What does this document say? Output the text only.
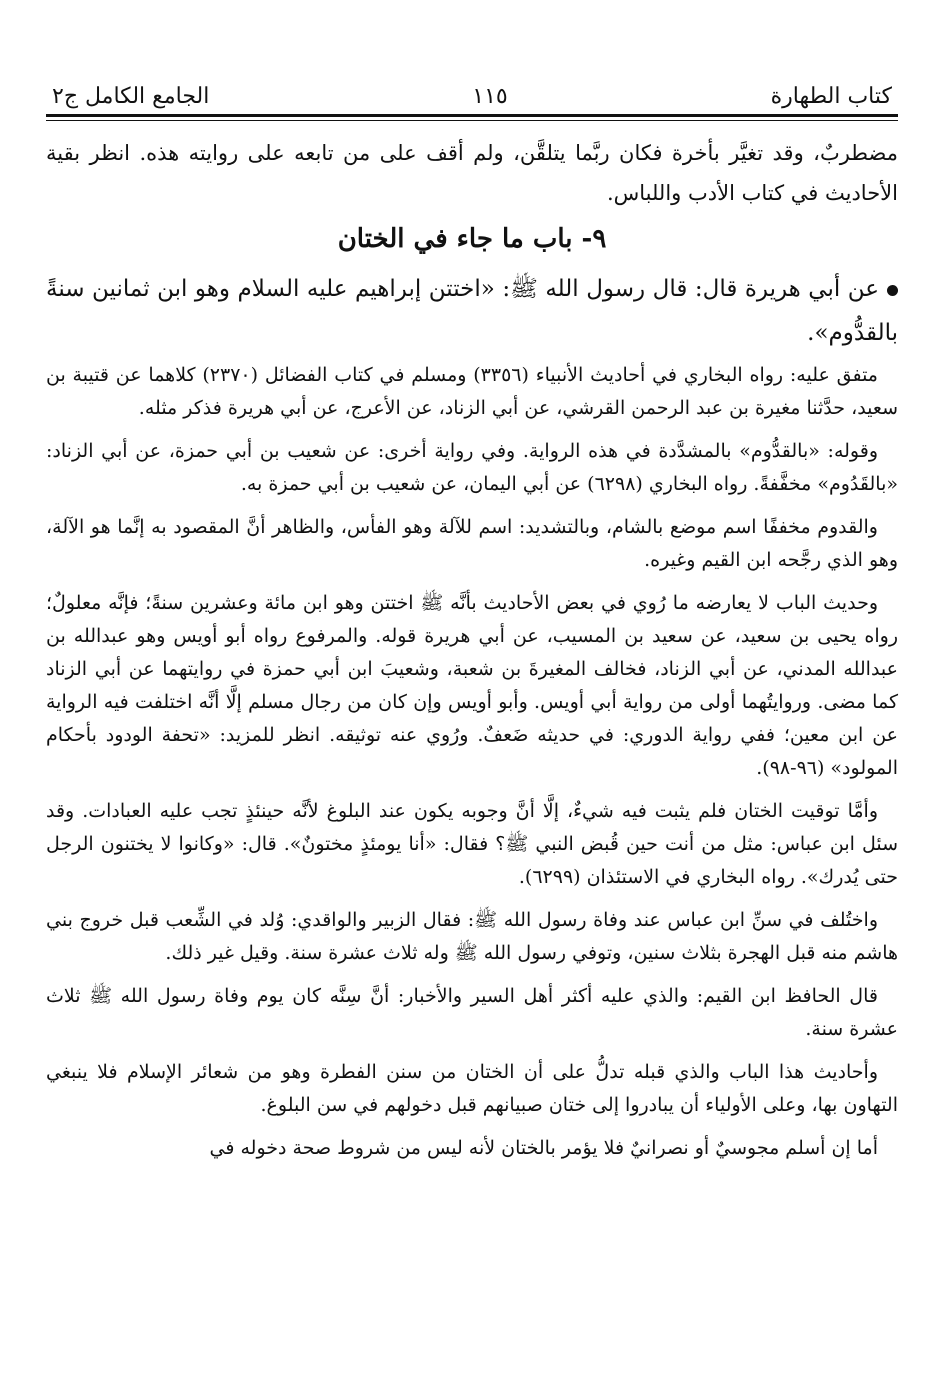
كتاب الطهارة
١١٥
الجامع الكامل ج٢

مضطربٌ، وقد تغيَّر بأخرة فكان ربَّما يتلقَّن، ولم أقف على من تابعه على روايته هذه. انظر بقية الأحاديث في كتاب الأدب واللباس.

٩- باب ما جاء في الختان

عن أبي هريرة قال: قال رسول الله ﷺ: «اختتن إبراهيم عليه السلام وهو ابن ثمانين سنةً بالقدُّوم».

متفق عليه: رواه البخاري في أحاديث الأنبياء (٣٣٥٦) ومسلم في كتاب الفضائل (٢٣٧٠) كلاهما عن قتيبة بن سعيد، حدَّثنا مغيرة بن عبد الرحمن القرشي، عن أبي الزناد، عن الأعرج، عن أبي هريرة فذكر مثله.

وقوله: «بالقدُّوم» بالمشدَّدة في هذه الرواية. وفي رواية أخرى: عن شعيب بن أبي حمزة، عن أبي الزناد: «بالقَدُوم» مخفَّفةً. رواه البخاري (٦٢٩٨) عن أبي اليمان، عن شعيب بن أبي حمزة به.

والقدوم مخففًا اسم موضع بالشام، وبالتشديد: اسم للآلة وهو الفأس، والظاهر أنَّ المقصود به إنَّما هو الآلة، وهو الذي رجَّحه ابن القيم وغيره.

وحديث الباب لا يعارضه ما رُوي في بعض الأحاديث بأنَّه ﷺ اختتن وهو ابن مائة وعشرين سنةً؛ فإنَّه معلولٌ؛ رواه يحيى بن سعيد، عن سعيد بن المسيب، عن أبي هريرة قوله. والمرفوع رواه أبو أويس وهو عبدالله بن عبدالله المدني، عن أبي الزناد، فخالف المغيرةَ بن شعبة، وشعيبَ ابن أبي حمزة في روايتهما عن أبي الزناد كما مضى. وروايتُهما أولى من رواية أبي أويس. وأبو أويس وإن كان من رجال مسلم إلَّا أنَّه اختلفت فيه الرواية عن ابن معين؛ ففي رواية الدوري: في حديثه ضَعفٌ. ورُوي عنه توثيقه. انظر للمزيد: «تحفة الودود بأحكام المولود» (٩٦-٩٨).

وأمَّا توقيت الختان فلم يثبت فيه شيءٌ، إلَّا أنَّ وجوبه يكون عند البلوغ لأنَّه حينئذٍ تجب عليه العبادات. وقد سئل ابن عباس: مثل من أنت حين قُبض النبي ﷺ؟ فقال: «أنا يومئذٍ مختونٌ». قال: «وكانوا لا يختنون الرجل حتى يُدرك». رواه البخاري في الاستئذان (٦٢٩٩).

واختُلف في سنِّ ابن عباس عند وفاة رسول الله ﷺ: فقال الزبير والواقدي: وُلد في الشِّعب قبل خروج بني هاشم منه قبل الهجرة بثلاث سنين، وتوفي رسول الله ﷺ وله ثلاث عشرة سنة. وقيل غير ذلك.

قال الحافظ ابن القيم: والذي عليه أكثر أهل السير والأخبار: أنَّ سِنَّه كان يوم وفاة رسول الله ﷺ ثلاث عشرة سنة.

وأحاديث هذا الباب والذي قبله تدلُّ على أن الختان من سنن الفطرة وهو من شعائر الإسلام فلا ينبغي التهاون بها، وعلى الأولياء أن يبادروا إلى ختان صبيانهم قبل دخولهم في سن البلوغ.

أما إن أسلم مجوسيٌ أو نصرانيٌ فلا يؤمر بالختان لأنه ليس من شروط صحة دخوله في
